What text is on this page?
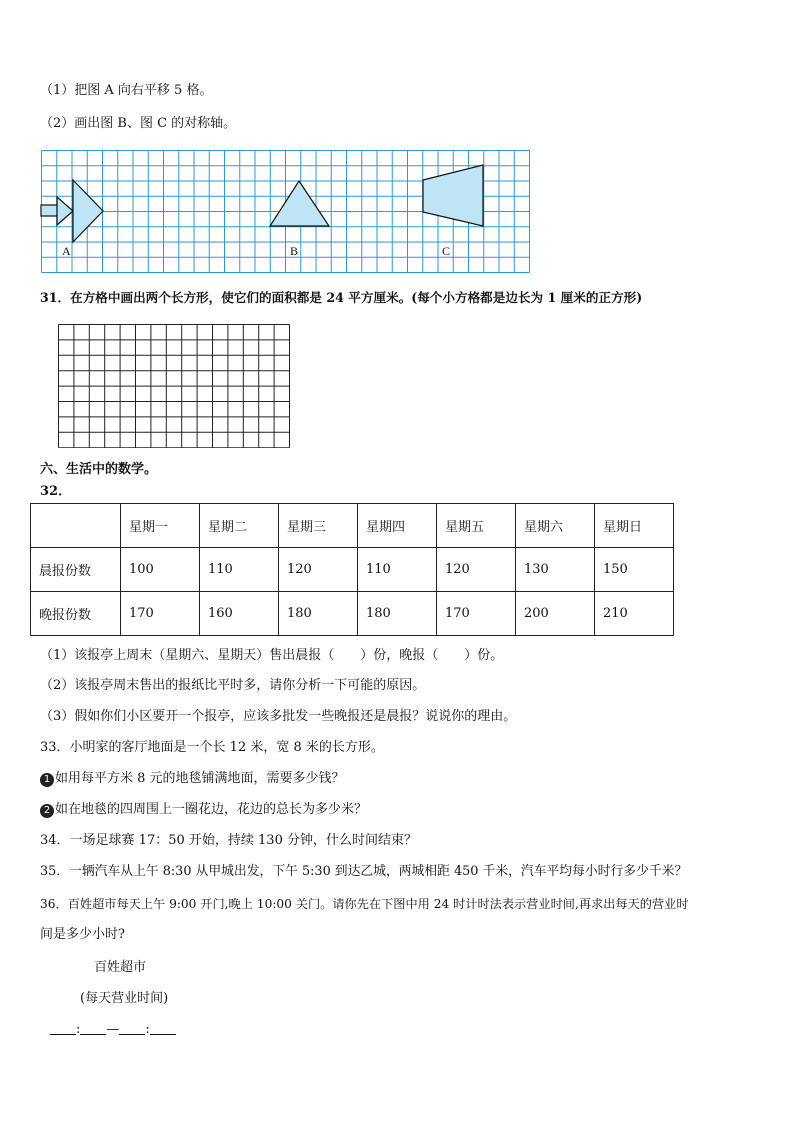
（1）把图 A 向右平移 5 格。
（2）画出图 B、图 C 的对称轴。
A	B	C
31．在方格中画出两个长方形，使它们的面积都是 24 平方厘米。(每个小方格都是边长为 1 厘米的正方形)
六、生活中的数学。
32．
	星期一	星期二	星期三	星期四	星期五	星期六	星期日
晨报份数	100	110	120	110	120	130	150
晚报份数	170	160	180	180	170	200	210
（1）该报亭上周末（星期六、星期天）售出晨报（　　）份，晚报（　　）份。
（2）该报亭周末售出的报纸比平时多，请你分析一下可能的原因。
（3）假如你们小区要开一个报亭，应该多批发一些晚报还是晨报？说说你的理由。
33．小明家的客厅地面是一个长 12 米，宽 8 米的长方形。
1 如用每平方米 8 元的地毯铺满地面，需要多少钱？
2 如在地毯的四周围上一圈花边，花边的总长为多少米？
34．一场足球赛 17：50 开始，持续 130 分钟，什么时间结束？
35．一辆汽车从上午 8:30 从甲城出发，下午 5:30 到达乙城，两城相距 450 千米，汽车平均每小时行多少千米？
36．百姓超市每天上午 9:00 开门,晚上 10:00 关门。请你先在下图中用 24 时计时法表示营业时间,再求出每天的营业时
间是多少小时?
百姓超市
(每天营业时间)
: — :
